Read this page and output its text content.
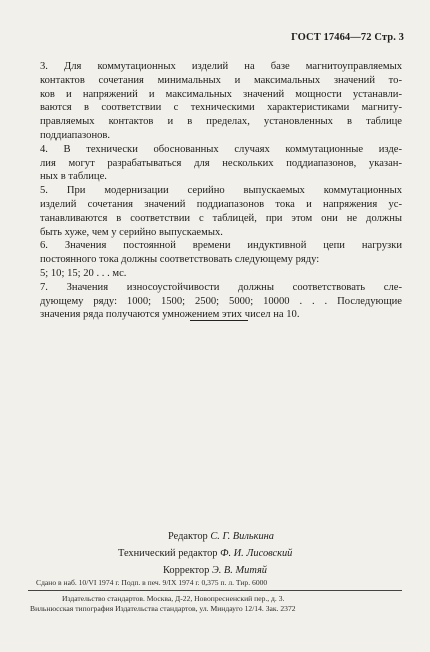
ГОСТ 17464—72 Стр. 3

3. Для коммутационных изделий на базе магнитоуправляемых
контактов сочетания минимальных и максимальных значений то-
ков и напряжений и максимальных значений мощности устанавли-
ваются в соответствии с техническими характеристиками магниту-
правляемых контактов и в пределах, установленных в таблице
поддиапазонов.

4. В технически обоснованных случаях коммутационные изде-
лия могут разрабатываться для нескольких поддиапазонов, указан-
ных в таблице.

5. При модернизации серийно выпускаемых коммутационных
изделий сочетания значений поддиапазонов тока и напряжения ус-
танавливаются в соответствии с таблицей, при этом они не должны
быть хуже, чем у серийно выпускаемых.

6. Значения постоянной времени индуктивной цепи нагрузки
постоянного тока должны соответствовать следующему ряду:
5; 10; 15; 20 . . . мс.

7. Значения износоустойчивости должны соответствовать сле-
дующему ряду: 1000; 1500; 2500; 5000; 10000 . . . Последующие
значения ряда получаются умножением этих чисел на 10.

Редактор С. Г. Вилькина
Технический редактор Ф. И. Лисовский
Корректор Э. В. Митяй
Сдано в наб. 10/VI 1974 г. Подп. в печ. 9/IX 1974 г. 0,375 п. л. Тир. 6000
Издательство стандартов. Москва, Д-22, Новопресненский пер., д. 3.
Вильнюсская типография Издательства стандартов, ул. Миндауго 12/14. Зак. 2372
